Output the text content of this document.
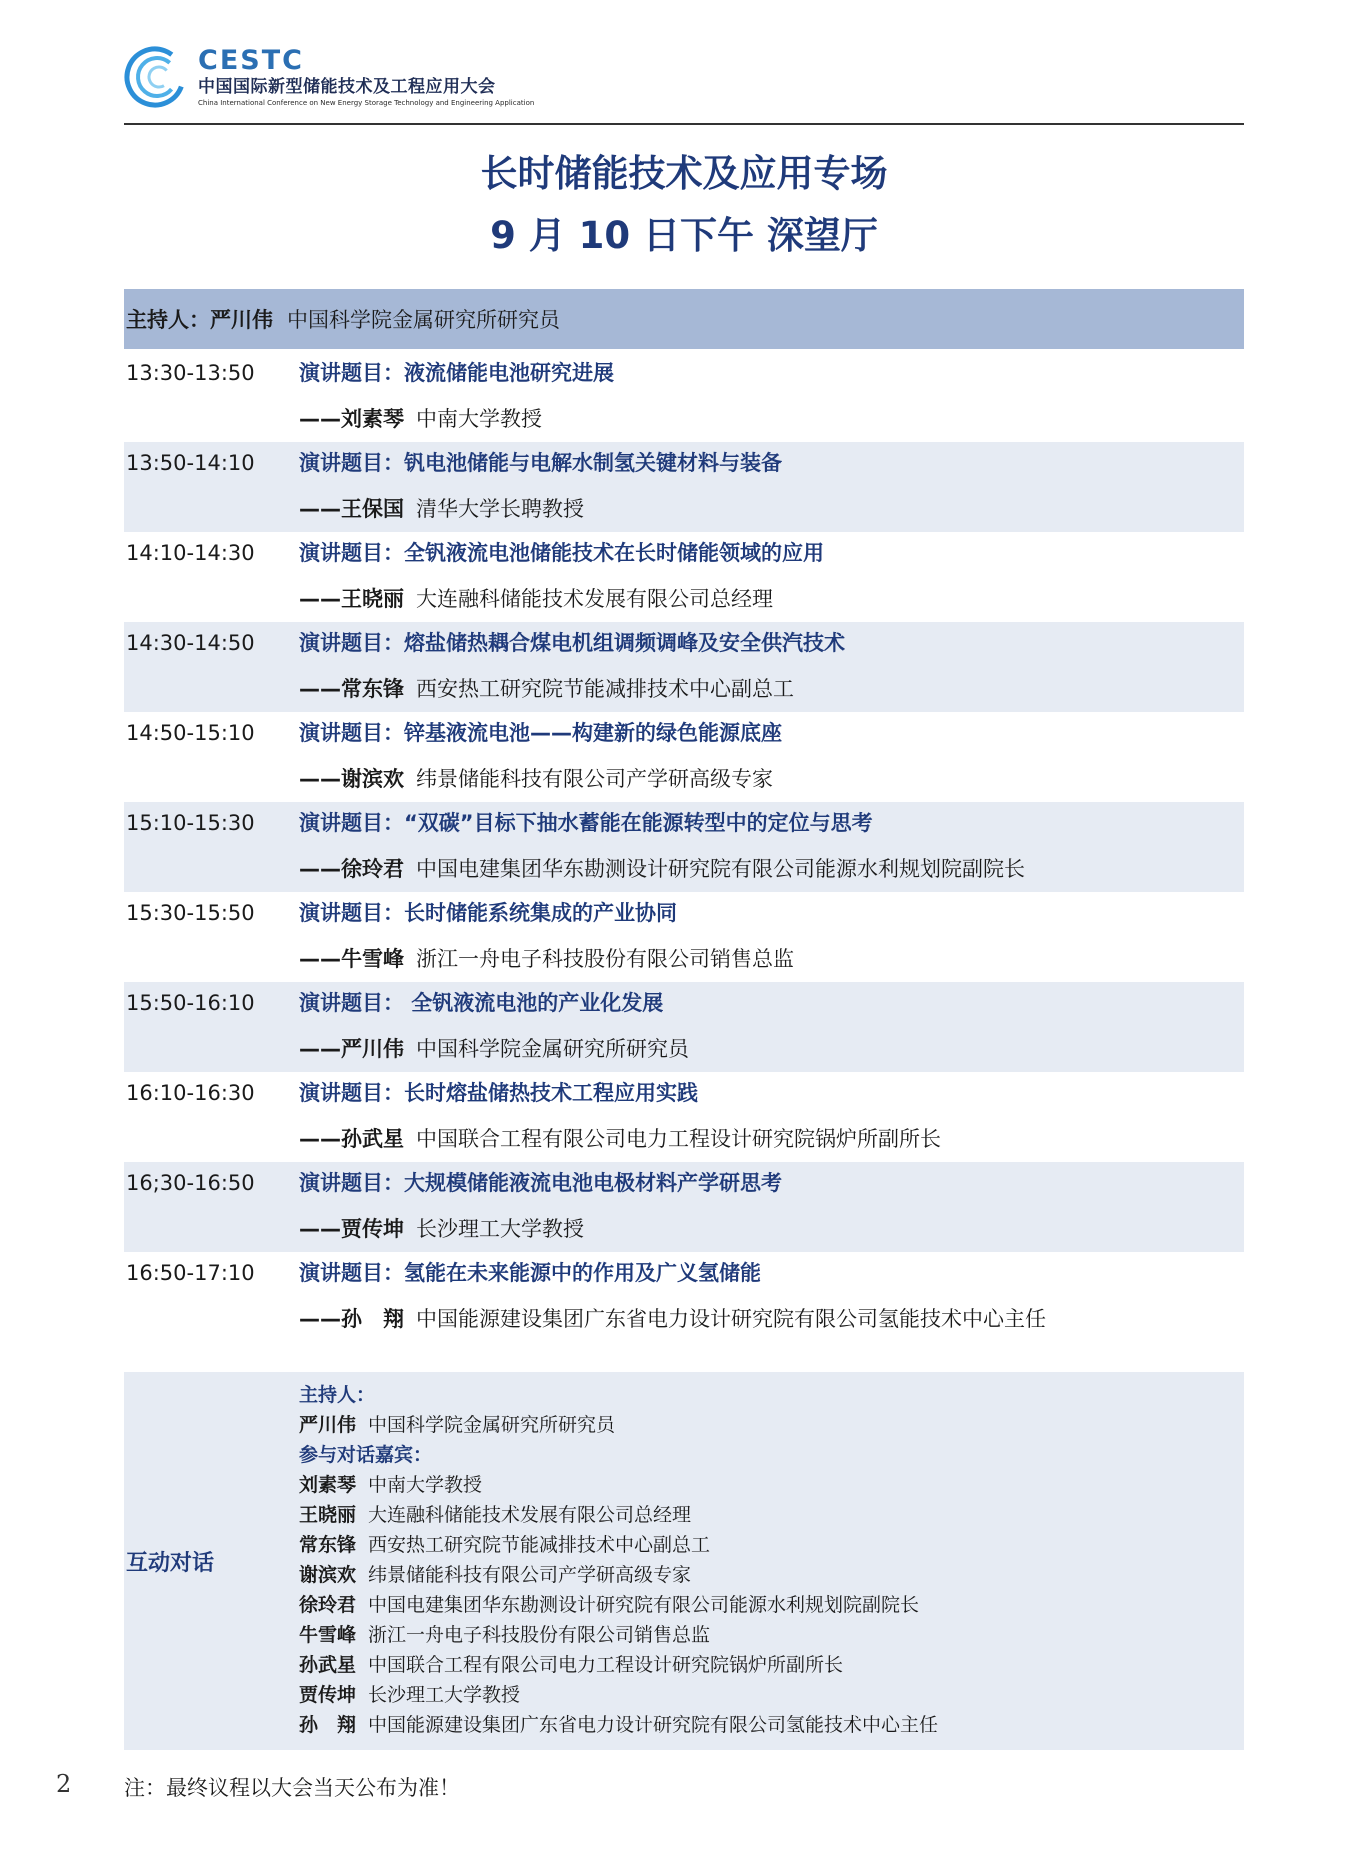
CESTC
中国国际新型储能技术及工程应用大会
China International Conference on New Energy Storage Technology and Engineering Application
长时储能技术及应用专场
9 月 10 日下午 深望厅
主持人： 严川伟 中国科学院金属研究所研究员
13:30-13:50 演讲题目：液流储能电池研究进展
——刘素琴 中南大学教授
13:50-14:10 演讲题目：钒电池储能与电解水制氢关键材料与装备
——王保国 清华大学长聘教授
14:10-14:30 演讲题目：全钒液流电池储能技术在长时储能领域的应用
——王晓丽 大连融科储能技术发展有限公司总经理
14:30-14:50 演讲题目：熔盐储热耦合煤电机组调频调峰及安全供汽技术
——常东锋 西安热工研究院节能减排技术中心副总工
14:50-15:10 演讲题目：锌基液流电池——构建新的绿色能源底座
——谢滨欢 纬景储能科技有限公司产学研高级专家
15:10-15:30 演讲题目：“双碳”目标下抽水蓄能在能源转型中的定位与思考
——徐玲君 中国电建集团华东勘测设计研究院有限公司能源水利规划院副院长
15:30-15:50 演讲题目：长时储能系统集成的产业协同
——牛雪峰 浙江一舟电子科技股份有限公司销售总监
15:50-16:10 演讲题目： 全钒液流电池的产业化发展
——严川伟 中国科学院金属研究所研究员
16:10-16:30 演讲题目：长时熔盐储热技术工程应用实践
——孙武星 中国联合工程有限公司电力工程设计研究院锅炉所副所长
16;30-16:50 演讲题目：大规模储能液流电池电极材料产学研思考
——贾传坤 长沙理工大学教授
16:50-17:10 演讲题目：氢能在未来能源中的作用及广义氢储能
——孙　翔 中国能源建设集团广东省电力设计研究院有限公司氢能技术中心主任
互动对话
主持人：
严川伟 中国科学院金属研究所研究员
参与对话嘉宾：
刘素琴 中南大学教授
王晓丽 大连融科储能技术发展有限公司总经理
常东锋 西安热工研究院节能减排技术中心副总工
谢滨欢 纬景储能科技有限公司产学研高级专家
徐玲君 中国电建集团华东勘测设计研究院有限公司能源水利规划院副院长
牛雪峰 浙江一舟电子科技股份有限公司销售总监
孙武星 中国联合工程有限公司电力工程设计研究院锅炉所副所长
贾传坤 长沙理工大学教授
孙　翔 中国能源建设集团广东省电力设计研究院有限公司氢能技术中心主任
2	注：最终议程以大会当天公布为准！
